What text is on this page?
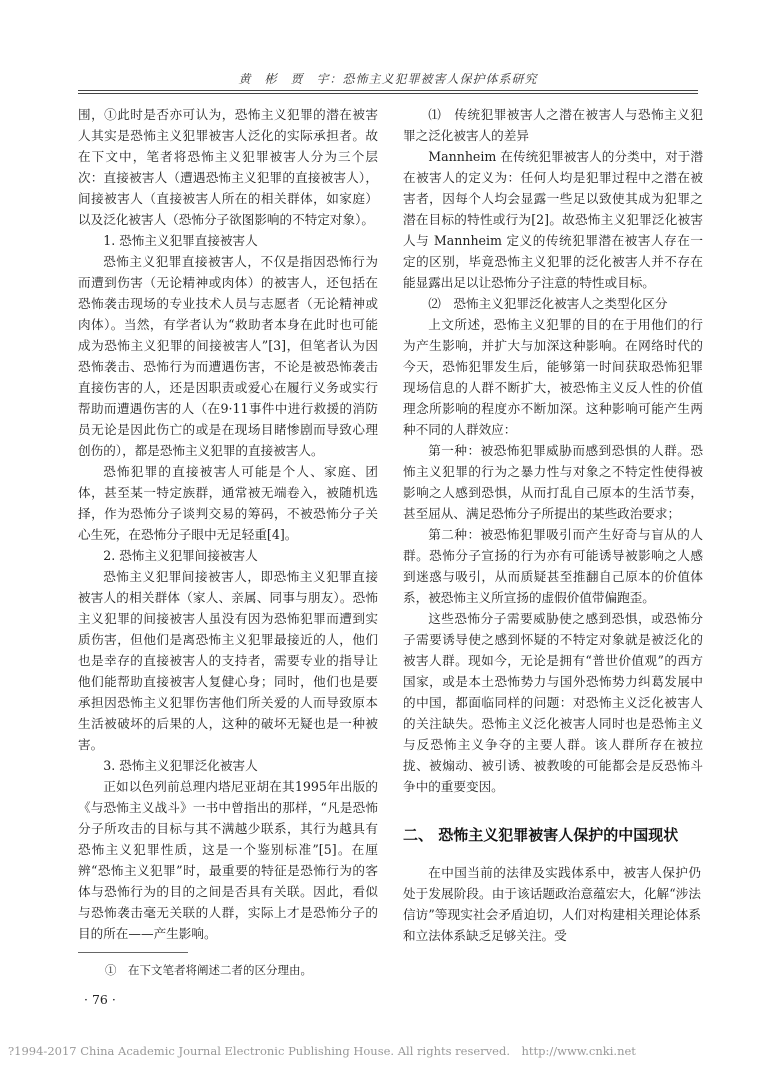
黄　彬　贾　宇：恐怖主义犯罪被害人保护体系研究

围，①此时是否亦可认为，恐怖主义犯罪的潜在被害人其实是恐怖主义犯罪被害人泛化的实际承担者。故在下文中，笔者将恐怖主义犯罪被害人分为三个层次：直接被害人（遭遇恐怖主义犯罪的直接被害人），间接被害人（直接被害人所在的相关群体，如家庭）以及泛化被害人（恐怖分子欲图影响的不特定对象）。

1. 恐怖主义犯罪直接被害人

恐怖主义犯罪直接被害人，不仅是指因恐怖行为而遭到伤害（无论精神或肉体）的被害人，还包括在恐怖袭击现场的专业技术人员与志愿者（无论精神或肉体）。当然，有学者认为“救助者本身在此时也可能成为恐怖主义犯罪的间接被害人”[3]，但笔者认为因恐怖袭击、恐怖行为而遭遇伤害，不论是被恐怖袭击直接伤害的人，还是因职责或爱心在履行义务或实行帮助而遭遇伤害的人（在9·11事件中进行救援的消防员无论是因此伤亡的或是在现场目睹惨剧而导致心理创伤的），都是恐怖主义犯罪的直接被害人。

恐怖犯罪的直接被害人可能是个人、家庭、团体，甚至某一特定族群，通常被无端卷入，被随机选择，作为恐怖分子谈判交易的筹码，不被恐怖分子关心生死，在恐怖分子眼中无足轻重[4]。

2. 恐怖主义犯罪间接被害人

恐怖主义犯罪间接被害人，即恐怖主义犯罪直接被害人的相关群体（家人、亲属、同事与朋友）。恐怖主义犯罪的间接被害人虽没有因为恐怖犯罪而遭到实质伤害，但他们是离恐怖主义犯罪最接近的人，他们也是幸存的直接被害人的支持者，需要专业的指导让他们能帮助直接被害人复健心身；同时，他们也是要承担因恐怖主义犯罪伤害他们所关爱的人而导致原本生活被破坏的后果的人，这种的破坏无疑也是一种被害。

3. 恐怖主义犯罪泛化被害人

正如以色列前总理内塔尼亚胡在其1995年出版的《与恐怖主义战斗》一书中曾指出的那样，“凡是恐怖分子所攻击的目标与其不满越少联系，其行为越具有恐怖主义犯罪性质，这是一个鉴别标准”[5]。在厘辨“恐怖主义犯罪”时，最重要的特征是恐怖行为的客体与恐怖行为的目的之间是否具有关联。因此，看似与恐怖袭击毫无关联的人群，实际上才是恐怖分子的目的所在——产生影响。

⑴　传统犯罪被害人之潜在被害人与恐怖主义犯罪之泛化被害人的差异

Mannheim 在传统犯罪被害人的分类中，对于潜在被害人的定义为：任何人均是犯罪过程中之潜在被害者，因每个人均会显露一些足以致使其成为犯罪之潜在目标的特性或行为[2]。故恐怖主义犯罪泛化被害人与 Mannheim 定义的传统犯罪潜在被害人存在一定的区别，毕竟恐怖主义犯罪的泛化被害人并不存在能显露出足以让恐怖分子注意的特性或目标。

⑵　恐怖主义犯罪泛化被害人之类型化区分

上文所述，恐怖主义犯罪的目的在于用他们的行为产生影响，并扩大与加深这种影响。在网络时代的今天，恐怖犯罪发生后，能够第一时间获取恐怖犯罪现场信息的人群不断扩大，被恐怖主义反人性的价值理念所影响的程度亦不断加深。这种影响可能产生两种不同的人群效应：

第一种：被恐怖犯罪威胁而感到恐惧的人群。恐怖主义犯罪的行为之暴力性与对象之不特定性使得被影响之人感到恐惧，从而打乱自己原本的生活节奏，甚至屈从、满足恐怖分子所提出的某些政治要求；

第二种：被恐怖犯罪吸引而产生好奇与盲从的人群。恐怖分子宣扬的行为亦有可能诱导被影响之人感到迷惑与吸引，从而质疑甚至推翻自己原本的价值体系，被恐怖主义所宣扬的虚假价值带偏跑歪。

这些恐怖分子需要威胁使之感到恐惧，或恐怖分子需要诱导使之感到怀疑的不特定对象就是被泛化的被害人群。现如今，无论是拥有“普世价值观”的西方国家，或是本土恐怖势力与国外恐怖势力纠葛发展中的中国，都面临同样的问题：对恐怖主义泛化被害人的关注缺失。恐怖主义泛化被害人同时也是恐怖主义与反恐怖主义争夺的主要人群。该人群所存在被拉拢、被煽动、被引诱、被教唆的可能都会是反恐怖斗争中的重要变因。

二、 恐怖主义犯罪被害人保护的中国现状

在中国当前的法律及实践体系中，被害人保护仍处于发展阶段。由于该话题政治意蕴宏大，化解“涉法信访”等现实社会矛盾迫切，人们对构建相关理论体系和立法体系缺乏足够关注。受

①　在下文笔者将阐述二者的区分理由。
· 76 ·
?1994-2017 China Academic Journal Electronic Publishing House. All rights reserved.　http://www.cnki.net
